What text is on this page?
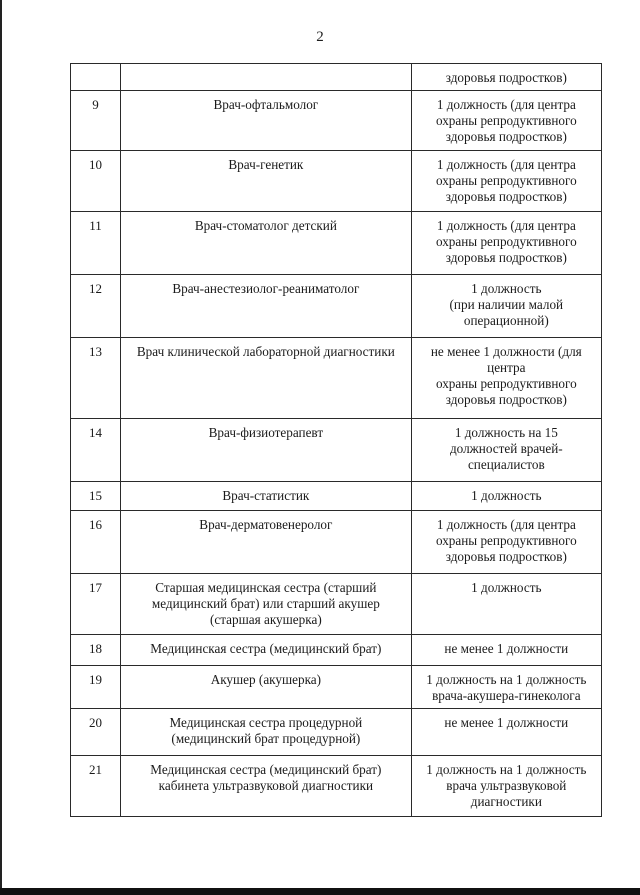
2

		здоровья подростков)

9	Врач-офтальмолог	1 должность (для центра
охраны репродуктивного
здоровья подростков)

10	Врач-генетик	1 должность (для центра
охраны репродуктивного
здоровья подростков)

11	Врач-стоматолог детский	1 должность (для центра
охраны репродуктивного
здоровья подростков)

12	Врач-анестезиолог-реаниматолог	1 должность
(при наличии малой
операционной)

13	Врач клинической лабораторной диагностики	не менее 1 должности (для
центра
охраны репродуктивного
здоровья подростков)

14	Врач-физиотерапевт	1 должность на 15
должностей врачей-
специалистов

15	Врач-статистик	1 должность

16	Врач-дерматовенеролог	1 должность (для центра
охраны репродуктивного
здоровья подростков)

17	Старшая медицинская сестра (старший
медицинский брат) или старший акушер
(старшая акушерка)	1 должность

18	Медицинская сестра (медицинский брат)	не менее 1 должности

19	Акушер (акушерка)	1 должность на 1 должность
врача-акушера-гинеколога

20	Медицинская сестра процедурной
(медицинский брат процедурной)	не менее 1 должности

21	Медицинская сестра (медицинский брат)
кабинета ультразвуковой диагностики	1 должность на 1 должность
врача ультразвуковой
диагностики
